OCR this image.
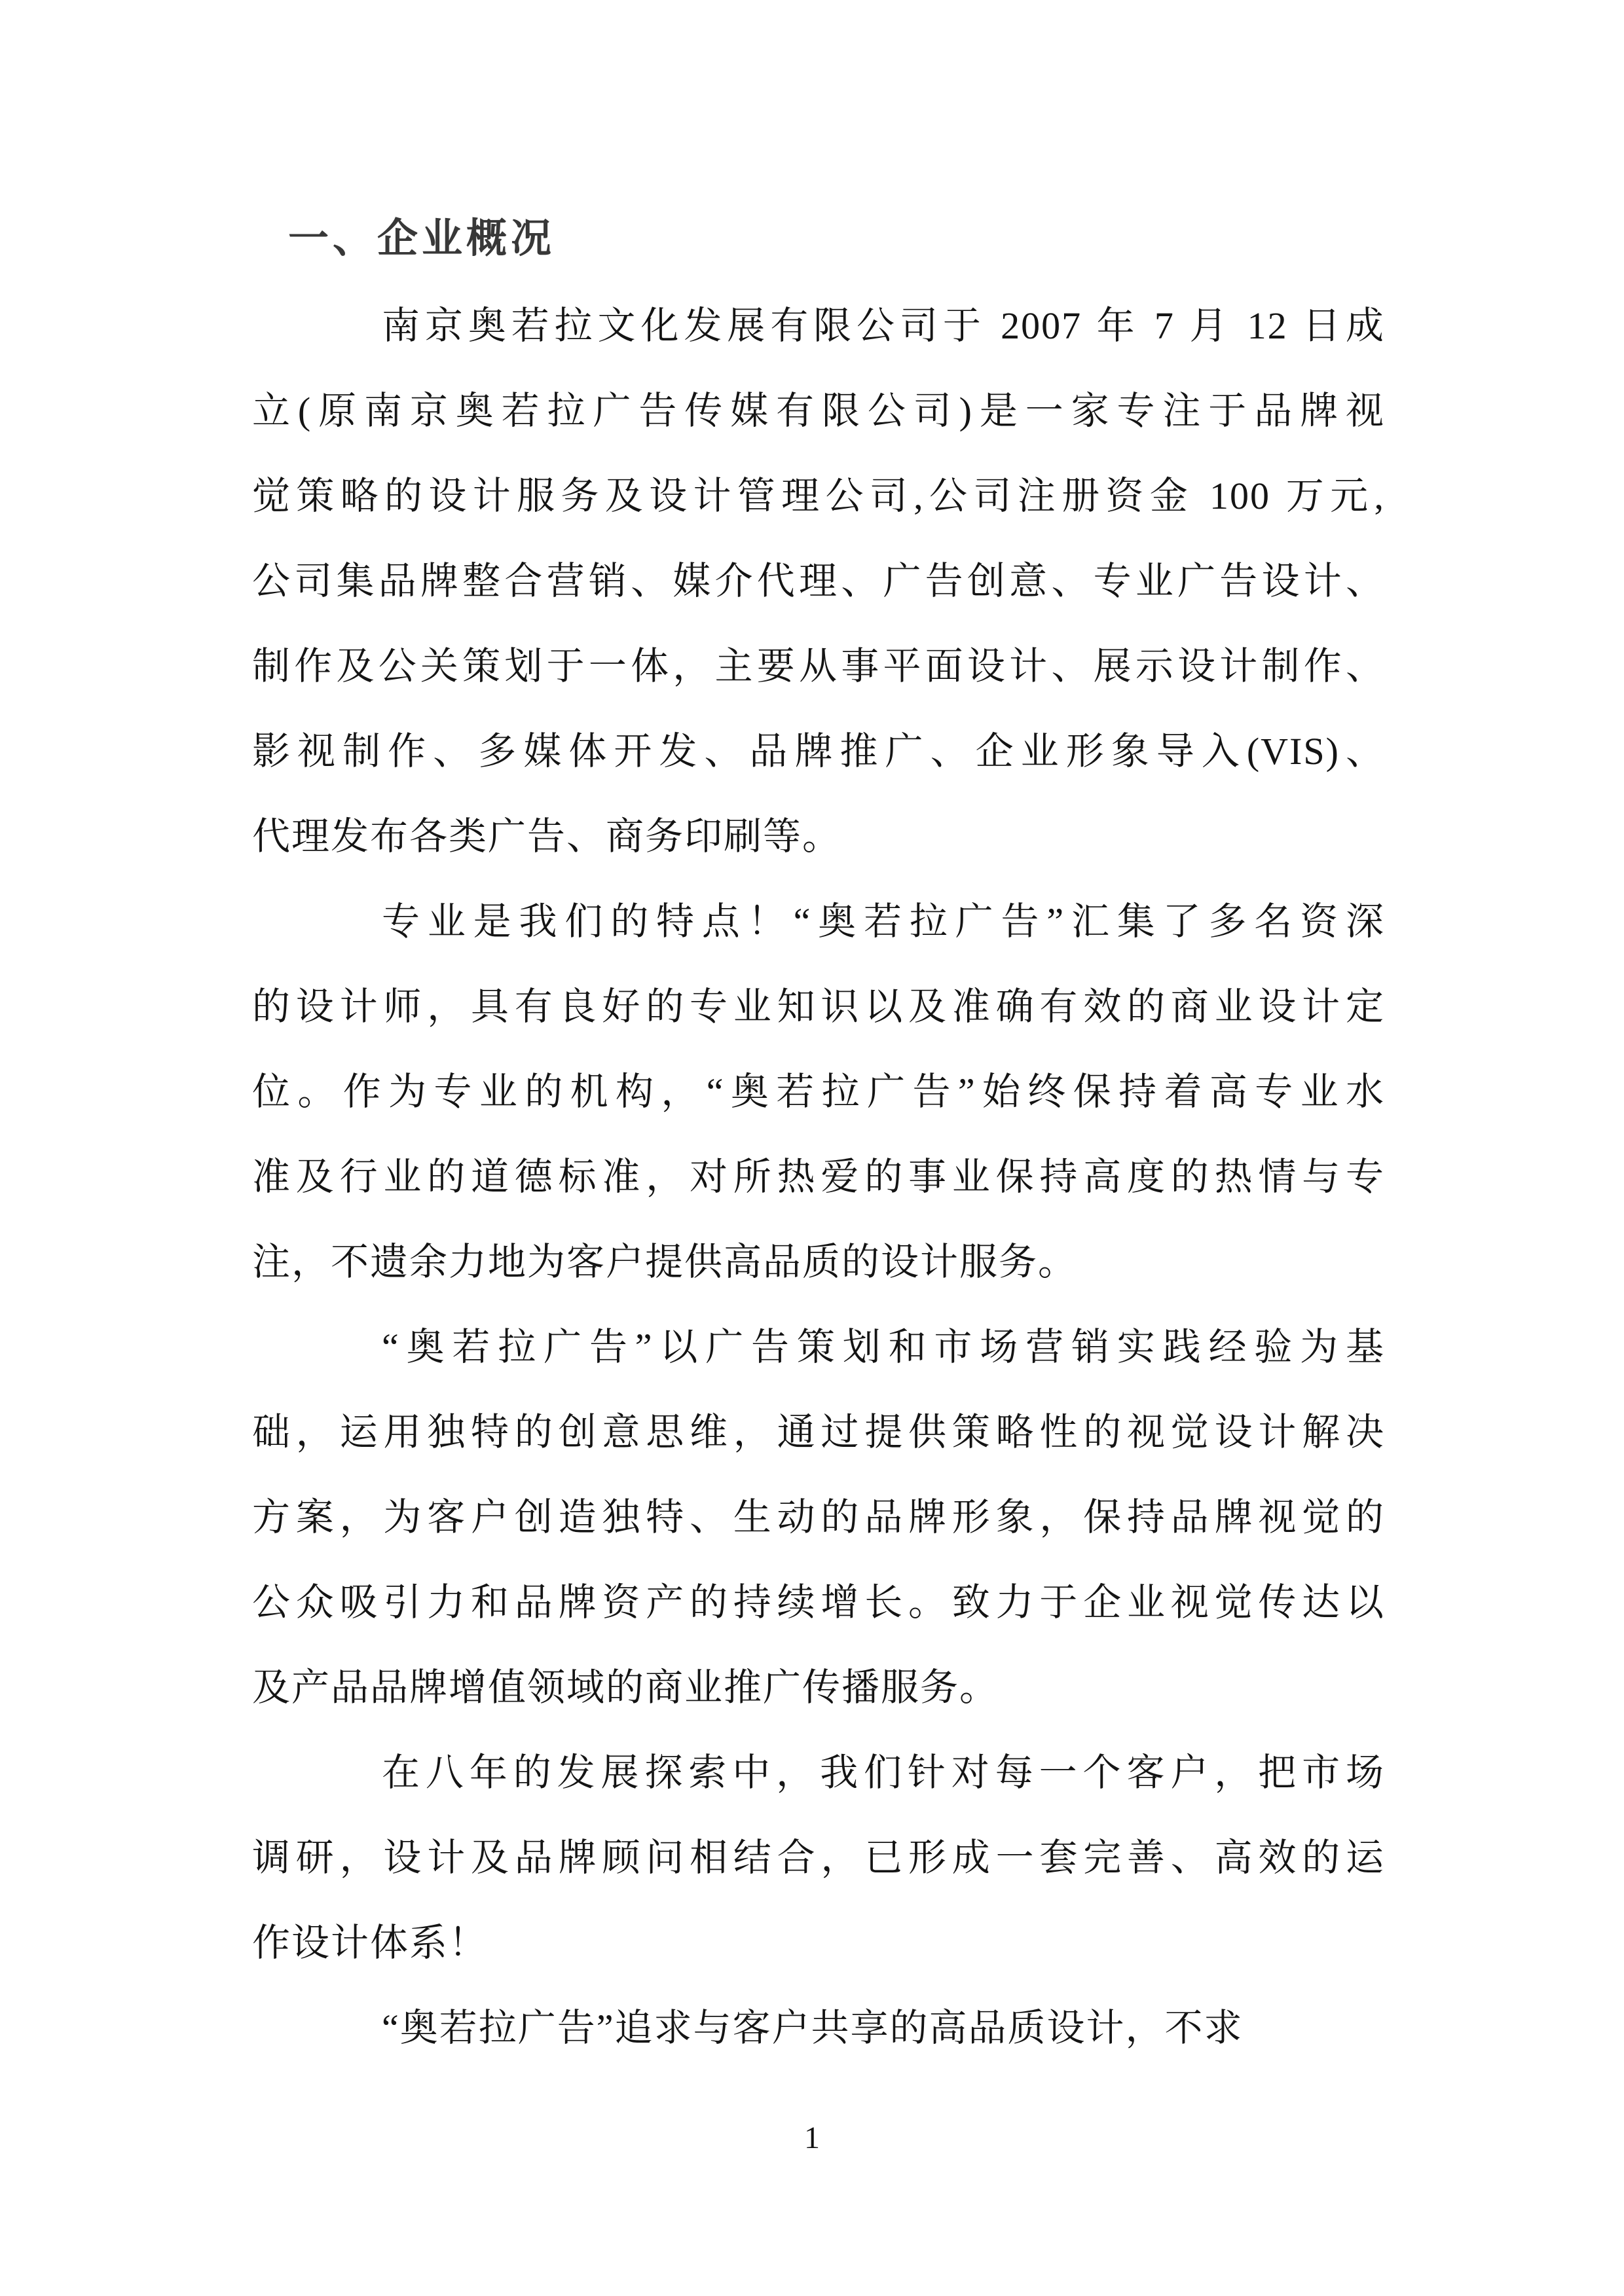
一、企业概况
南京奥若拉文化发展有限公司于 2007 年 7 月 12 日成
立(原南京奥若拉广告传媒有限公司)是一家专注于品牌视
觉策略的设计服务及设计管理公司,公司注册资金 100 万元,
公司集品牌整合营销、媒介代理、广告创意、专业广告设计、
制作及公关策划于一体，主要从事平面设计、展示设计制作、
影视制作、多媒体开发、品牌推广、企业形象导入(VIS)、
代理发布各类广告、商务印刷等。
专业是我们的特点！“奥若拉广告”汇集了多名资深
的设计师，具有良好的专业知识以及准确有效的商业设计定
位。作为专业的机构，“奥若拉广告”始终保持着高专业水
准及行业的道德标准，对所热爱的事业保持高度的热情与专
注，不遗余力地为客户提供高品质的设计服务。
“奥若拉广告”以广告策划和市场营销实践经验为基
础，运用独特的创意思维，通过提供策略性的视觉设计解决
方案，为客户创造独特、生动的品牌形象，保持品牌视觉的
公众吸引力和品牌资产的持续增长。致力于企业视觉传达以
及产品品牌增值领域的商业推广传播服务。
在八年的发展探索中，我们针对每一个客户，把市场
调研，设计及品牌顾问相结合，已形成一套完善、高效的运
作设计体系！
“奥若拉广告”追求与客户共享的高品质设计，不求
1
